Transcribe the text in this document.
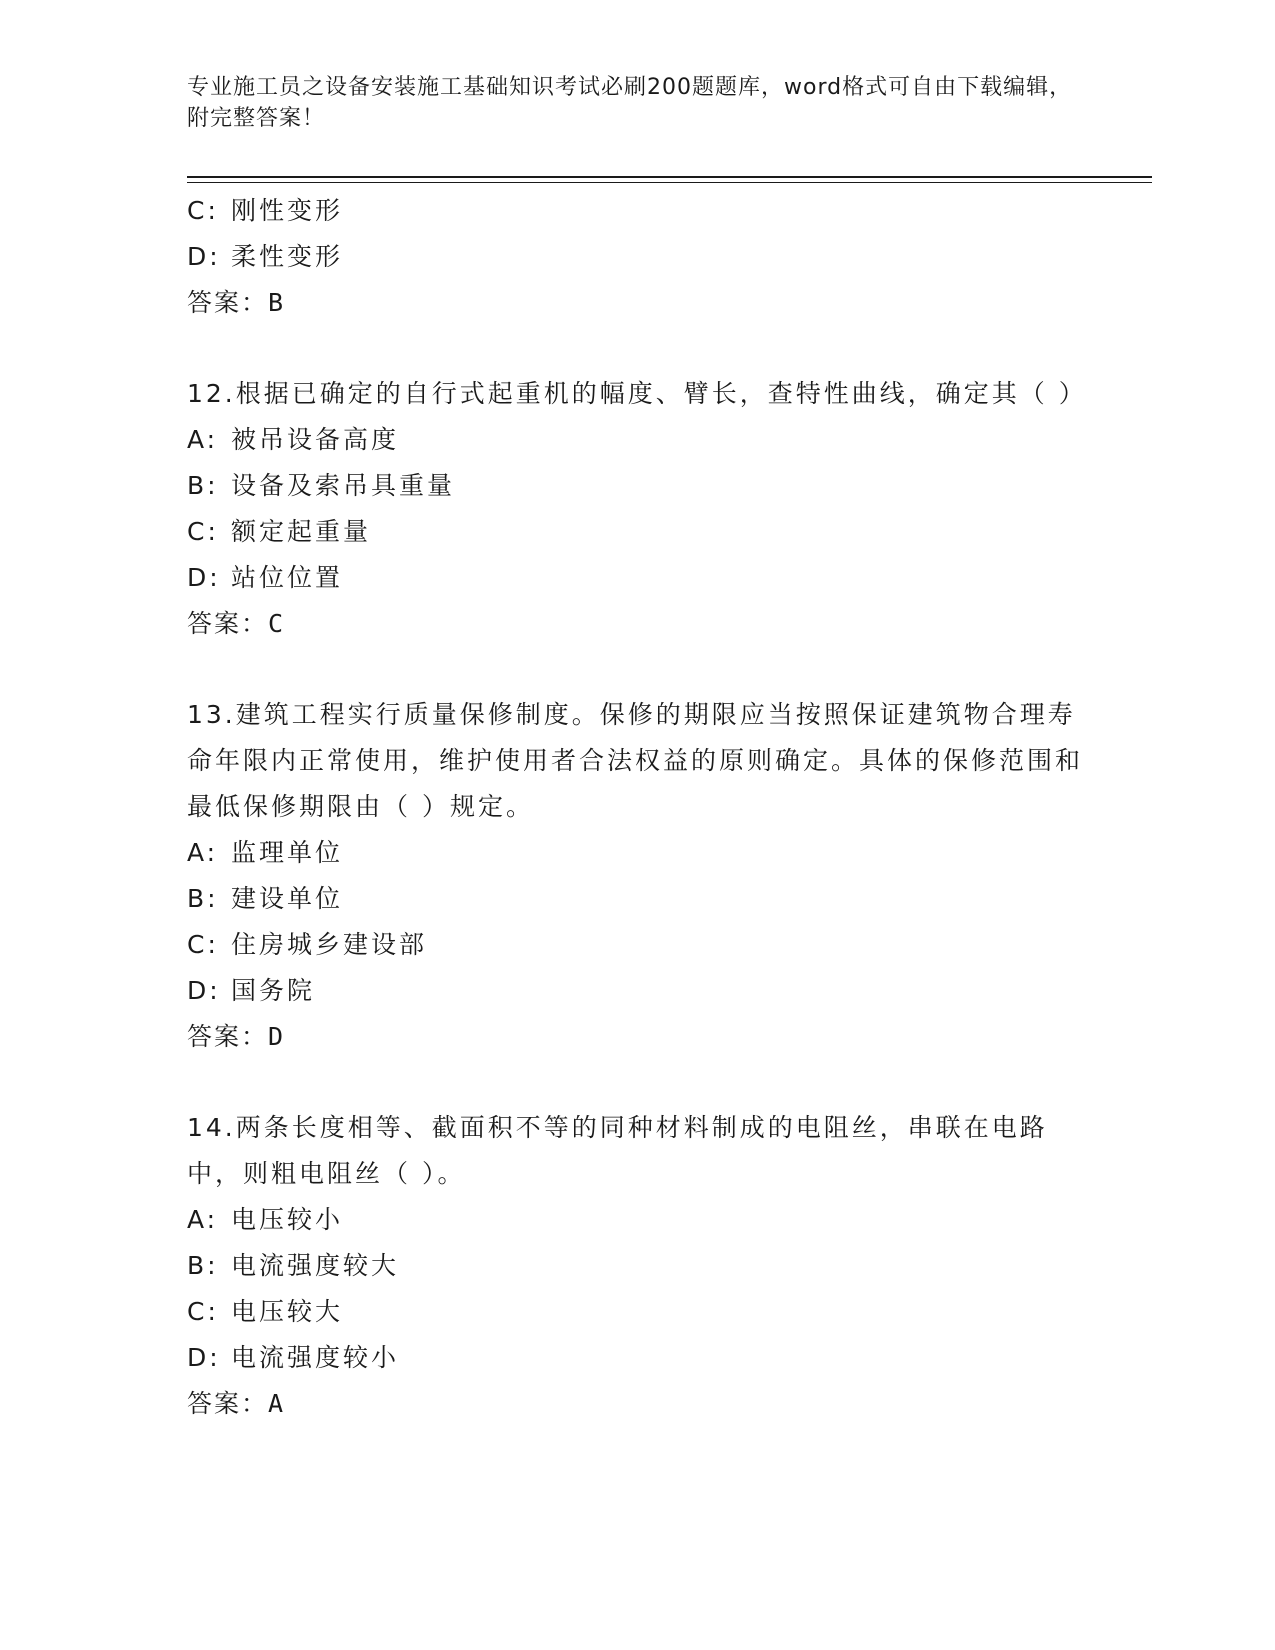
专业施工员之设备安装施工基础知识考试必刷200题题库，word格式可自由下载编辑，附完整答案！

C: 刚性变形

D: 柔性变形

答案：B

12.根据已确定的自行式起重机的幅度、臂长，查特性曲线，确定其（ ）

A: 被吊设备高度

B: 设备及索吊具重量

C: 额定起重量

D: 站位位置

答案：C

13.建筑工程实行质量保修制度。保修的期限应当按照保证建筑物合理寿命年限内正常使用，维护使用者合法权益的原则确定。具体的保修范围和最低保修期限由（ ）规定。

A: 监理单位

B: 建设单位

C: 住房城乡建设部

D: 国务院

答案：D

14.两条长度相等、截面积不等的同种材料制成的电阻丝，串联在电路中，则粗电阻丝（ ）。

A: 电压较小

B: 电流强度较大

C: 电压较大

D: 电流强度较小

答案：A
